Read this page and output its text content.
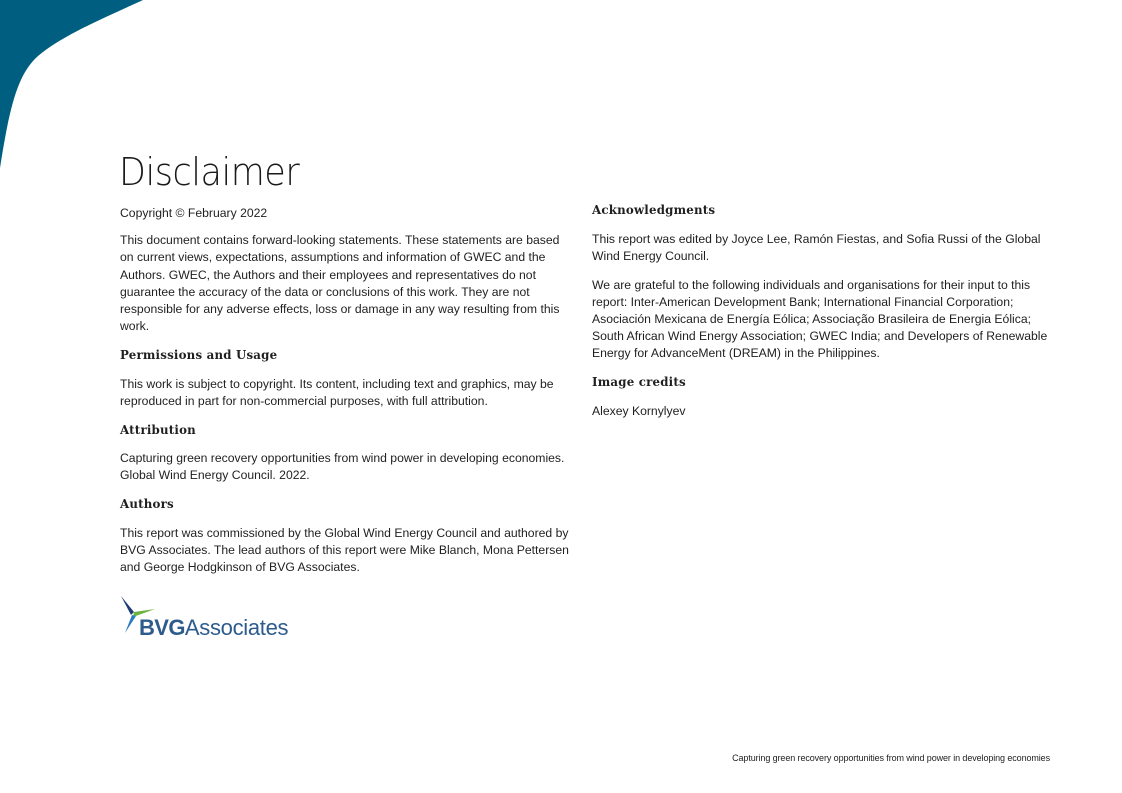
Disclaimer

Copyright © February 2022

This document contains forward-looking statements. These statements are based on current views, expectations, assumptions and information of GWEC and the Authors. GWEC, the Authors and their employees and representatives do not guarantee the accuracy of the data or conclusions of this work. They are not responsible for any adverse effects, loss or damage in any way resulting from this work.

Permissions and Usage

This work is subject to copyright. Its content, including text and graphics, may be reproduced in part for non-commercial purposes, with full attribution.

Attribution

Capturing green recovery opportunities from wind power in developing economies. Global Wind Energy Council. 2022.

Authors

This report was commissioned by the Global Wind Energy Council and authored by BVG Associates. The lead authors of this report were Mike Blanch, Mona Pettersen and George Hodgkinson of BVG Associates.

BVGAssociates
Acknowledgments

This report was edited by Joyce Lee, Ramón Fiestas, and Sofia Russi of the Global Wind Energy Council.

We are grateful to the following individuals and organisations for their input to this report: Inter-American Development Bank; International Financial Corporation; Asociación Mexicana de Energía Eólica; Associação Brasileira de Energia Eólica; South African Wind Energy Association; GWEC India; and Developers of Renewable Energy for AdvanceMent (DREAM) in the Philippines.

Image credits

Alexey Kornylyev

Capturing green recovery opportunities from wind power in developing economies
